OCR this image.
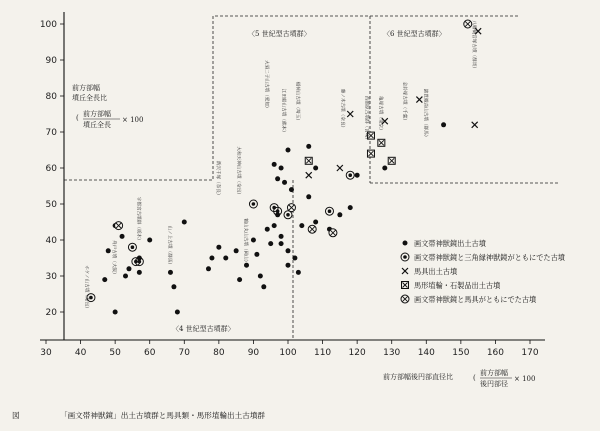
30	40	50	60	70	80	90 100 110 120 130 140 150 160 170
20
30
40
50
60
70
80
90
100
〈5 世紀型古墳群〉	〈6 世紀型古墳群〉
〈4 世紀型古墳群〉
前方部幅
墳丘全長比
( 前方部幅
墳丘全長
× 100
前方部幅後円部直径比	(
前方部幅
後円部径
× 100
画文帯神獣鏡出土古墳
画文帯神獣鏡と三角縁神獣鏡がともにでた古墳
馬具出土古墳
馬形埴輪・石製品出土古墳
画文帯神獣鏡と馬具がともにでた古墳
八幡観音塚古墳（群馬）
綿貫観音山古墳（群馬）
江田船山古墳（熊本）
大須二子山古墳（愛知）	稲荷山古墳（埼玉）	藤ノ木古墳（奈良）	西都原古墳群（宮崎）
大和天神山古墳（奈良）
新沢千塚（奈良）
金鈴塚古墳（千葉）
亀塚古墳（東京）
宇都宮古墳群（栃木）	鶴山丸山古墳（岡山）
ホケノ山古墳（奈良）
舟戸古墳（大阪）	山ノ上古墳（群馬）
図	「画文帯神獣鏡」出土古墳群と馬具類・馬形埴輪出土古墳群
